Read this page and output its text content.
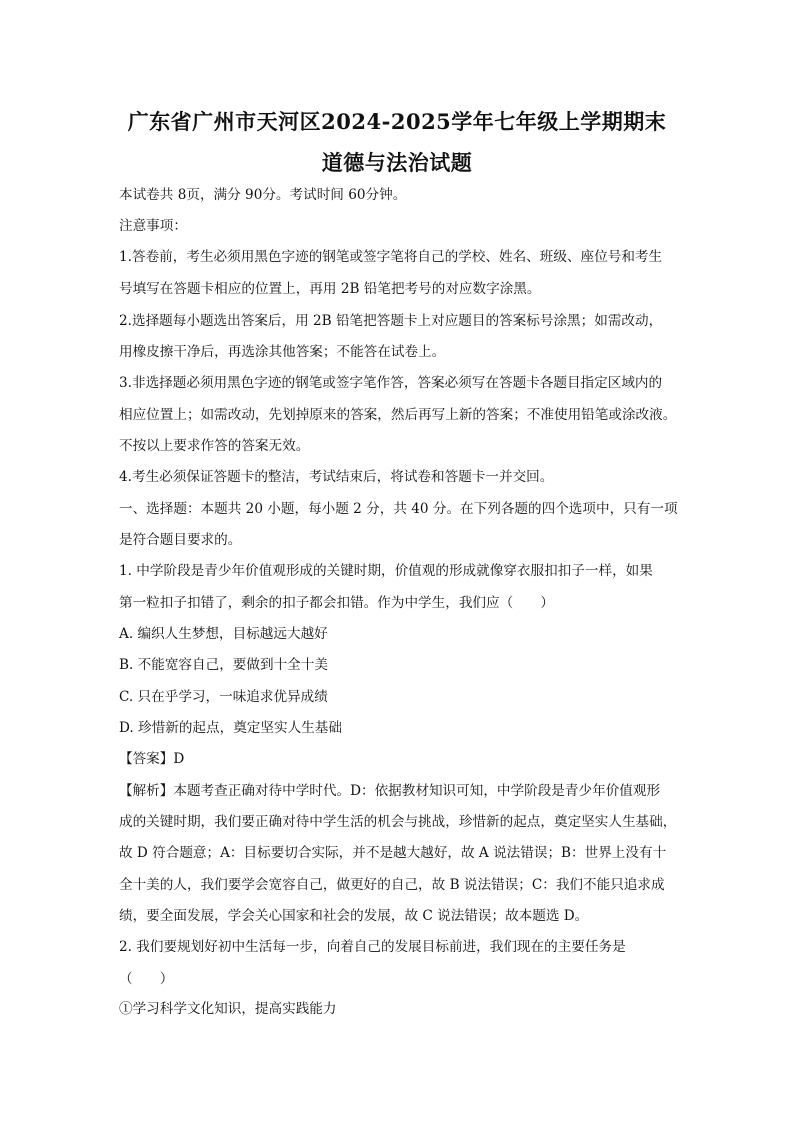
广东省广州市天河区2024-2025学年七年级上学期期末
道德与法治试题
本试卷共 8页，满分 90分。考试时间 60分钟。
注意事项：
1.答卷前，考生必须用黑色字迹的钢笔或签字笔将自己的学校、姓名、班级、座位号和考生
号填写在答题卡相应的位置上，再用 2B 铅笔把考号的对应数字涂黑。
2.选择题每小题选出答案后，用 2B 铅笔把答题卡上对应题目的答案标号涂黑；如需改动，
用橡皮擦干净后，再选涂其他答案；不能答在试卷上。
3.非选择题必须用黑色字迹的钢笔或签字笔作答，答案必须写在答题卡各题目指定区域内的
相应位置上；如需改动，先划掉原来的答案，然后再写上新的答案；不准使用铅笔或涂改液。
不按以上要求作答的答案无效。
4.考生必须保证答题卡的整洁，考试结束后，将试卷和答题卡一并交回。
一、选择题：本题共 20 小题，每小题 2 分，共 40 分。在下列各题的四个选项中，只有一项
是符合题目要求的。
1. 中学阶段是青少年价值观形成的关键时期，价值观的形成就像穿衣服扣扣子一样，如果
第一粒扣子扣错了，剩余的扣子都会扣错。作为中学生，我们应（　　）
A. 编织人生梦想，目标越远大越好
B. 不能宽容自己，要做到十全十美
C. 只在乎学习，一味追求优异成绩
D. 珍惜新的起点，奠定坚实人生基础
【答案】D
【解析】本题考查正确对待中学时代。D：依据教材知识可知，中学阶段是青少年价值观形
成的关键时期，我们要正确对待中学生活的机会与挑战，珍惜新的起点，奠定坚实人生基础，
故 D 符合题意；A：目标要切合实际，并不是越大越好，故 A 说法错误；B：世界上没有十
全十美的人，我们要学会宽容自己，做更好的自己，故 B 说法错误；C：我们不能只追求成
绩，要全面发展，学会关心国家和社会的发展，故 C 说法错误；故本题选 D。
2. 我们要规划好初中生活每一步，向着自己的发展目标前进，我们现在的主要任务是
（　　）
①学习科学文化知识，提高实践能力
